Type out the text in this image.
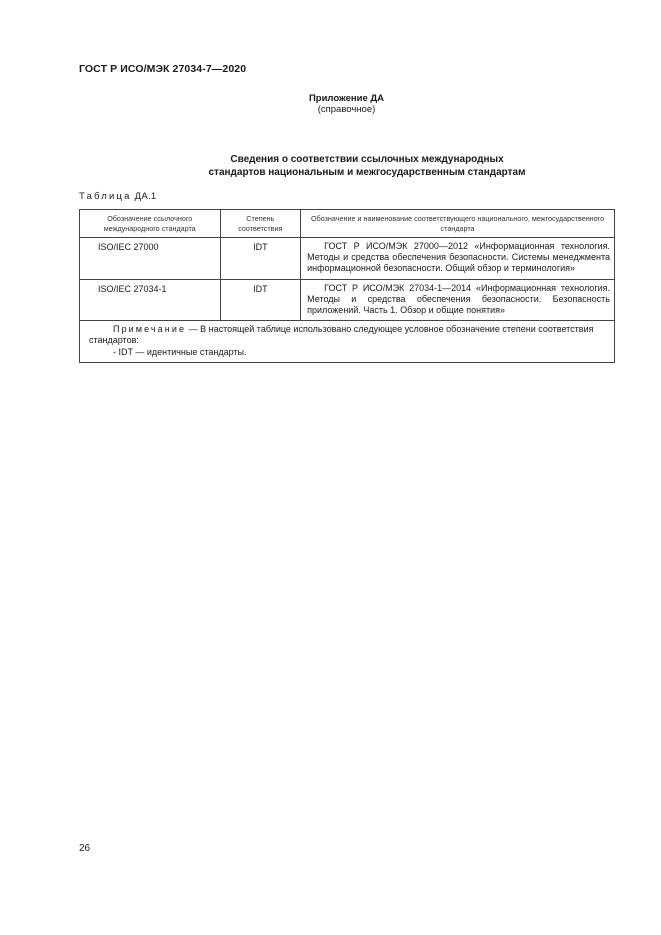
ГОСТ Р ИСО/МЭК 27034-7—2020
Приложение ДА
(справочное)
Сведения о соответствии ссылочных международных
стандартов национальным и межгосударственным стандартам
Таблица ДА.1
Обозначение ссылочного международного стандарта	Степень соответствия	Обозначение и наименование соответствующего национального, межгосударственного стандарта
ISO/IEC 27000	IDT	ГОСТ Р ИСО/МЭК 27000—2012 «Информационная технология. Методы и средства обеспечения безопасности. Системы менеджмента информационной безопасности. Общий обзор и терминология»
ISO/IEC 27034-1	IDT	ГОСТ Р ИСО/МЭК 27034-1—2014 «Информационная технология. Методы и средства обеспечения безопасности. Безопасность приложений. Часть 1. Обзор и общие понятия»
Примечание — В настоящей таблице использовано следующее условное обозначение степени соответствия стандартов:
- IDT — идентичные стандарты.		
26
